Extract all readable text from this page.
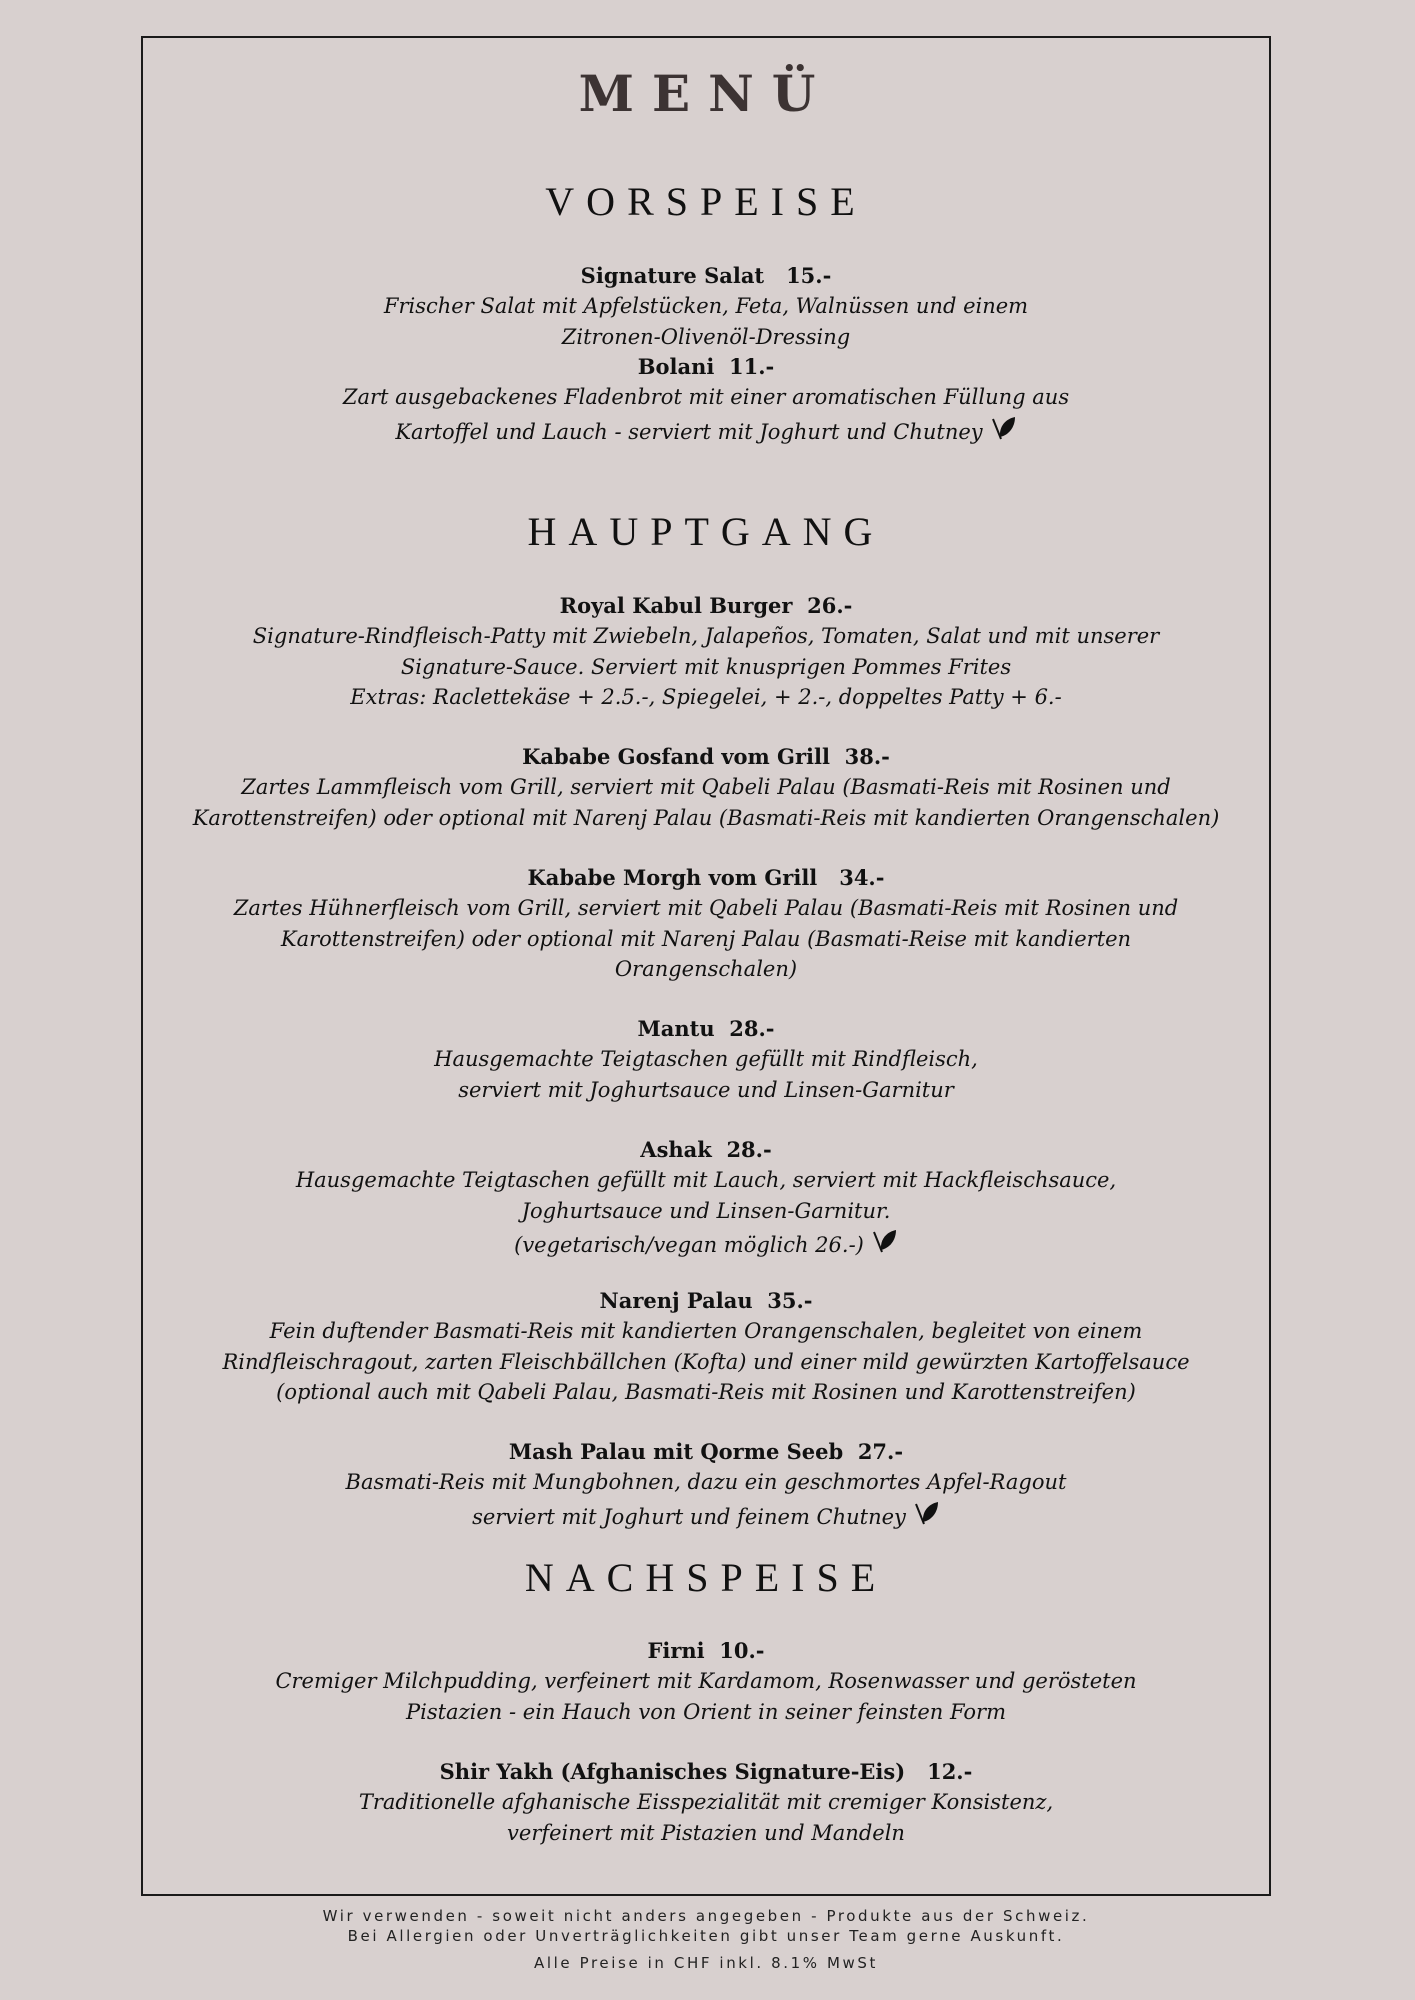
MENÜ
VORSPEISE
Signature Salat   15.-
Frischer Salat mit Apfelstücken, Feta, Walnüssen und einem
Zitronen-Olivenöl-Dressing
Bolani  11.-
Zart ausgebackenes Fladenbrot mit einer aromatischen Füllung aus
Kartoffel und Lauch - serviert mit Joghurt und Chutney
HAUPTGANG
Royal Kabul Burger  26.-
Signature-Rindfleisch-Patty mit Zwiebeln, Jalapeños, Tomaten, Salat und mit unserer
Signature-Sauce. Serviert mit knusprigen Pommes Frites
Extras: Raclettekäse + 2.5.-, Spiegelei, + 2.-, doppeltes Patty + 6.-
Kababe Gosfand vom Grill  38.-
Zartes Lammfleisch vom Grill, serviert mit Qabeli Palau (Basmati-Reis mit Rosinen und
Karottenstreifen) oder optional mit Narenj Palau (Basmati-Reis mit kandierten Orangenschalen)
Kababe Morgh vom Grill   34.-
Zartes Hühnerfleisch vom Grill, serviert mit Qabeli Palau (Basmati-Reis mit Rosinen und
Karottenstreifen) oder optional mit Narenj Palau (Basmati-Reise mit kandierten
Orangenschalen)
Mantu  28.-
Hausgemachte Teigtaschen gefüllt mit Rindfleisch,
serviert mit Joghurtsauce und Linsen-Garnitur
Ashak  28.-
Hausgemachte Teigtaschen gefüllt mit Lauch, serviert mit Hackfleischsauce,
Joghurtsauce und Linsen-Garnitur.
(vegetarisch/vegan möglich 26.-)
Narenj Palau  35.-
Fein duftender Basmati-Reis mit kandierten Orangenschalen, begleitet von einem
Rindfleischragout, zarten Fleischbällchen (Kofta) und einer mild gewürzten Kartoffelsauce
(optional auch mit Qabeli Palau, Basmati-Reis mit Rosinen und Karottenstreifen)
Mash Palau mit Qorme Seeb  27.-
Basmati-Reis mit Mungbohnen, dazu ein geschmortes Apfel-Ragout
serviert mit Joghurt und feinem Chutney
NACHSPEISE
Firni  10.-
Cremiger Milchpudding, verfeinert mit Kardamom, Rosenwasser und gerösteten
Pistazien - ein Hauch von Orient in seiner feinsten Form
Shir Yakh (Afghanisches Signature-Eis)   12.-
Traditionelle afghanische Eisspezialität mit cremiger Konsistenz,
verfeinert mit Pistazien und Mandeln
Wir verwenden - soweit nicht anders angegeben - Produkte aus der Schweiz.
Bei Allergien oder Unverträglichkeiten gibt unser Team gerne Auskunft.
Alle Preise in CHF inkl. 8.1% MwSt
